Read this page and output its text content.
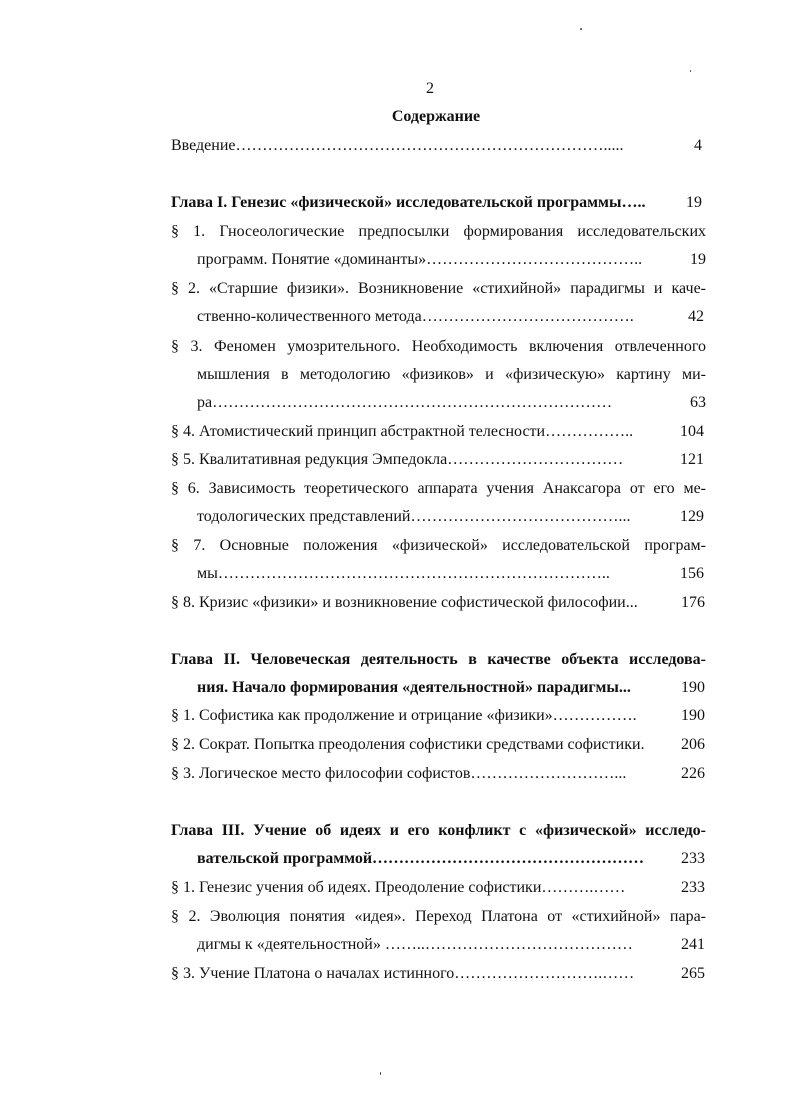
2
Содержание
Введение…………………………………………………………….....	4
Глава I. Генезис «физической» исследовательской программы…..	19
§ 1. Гносеологические предпосылки формирования исследовательских
программ. Понятие «доминанты»…………………………………..	19
§ 2. «Старшие физики». Возникновение «стихийной» парадигмы и каче-
ственно-количественного метода………………………………….	42
§ 3. Феномен умозрительного. Необходимость включения отвлеченного
мышления в методологию «физиков» и «физическую» картину ми-
ра…………………………………………………………………	63
§ 4. Атомистический принцип абстрактной телесности……………..	104
§ 5. Квалитативная редукция Эмпедокла……………………………	121
§ 6. Зависимость теоретического аппарата учения Анаксагора от его ме-
тодологических представлений…………………………………...	129
§ 7. Основные положения «физической» исследовательской програм-
мы………………………………………………………………..	156
§ 8. Кризис «физики» и возникновение софистической философии...	176
Глава II. Человеческая деятельность в качестве объекта исследова-
ния. Начало формирования «деятельностной» парадигмы...	190
§ 1. Софистика как продолжение и отрицание «физики»…………….	190
§ 2. Сократ. Попытка преодоления софистики средствами софистики.	206
§ 3. Логическое место философии софистов………………………...	226
Глава III. Учение об идеях и его конфликт с «физической» исследо-
вательской программой……………………………………………	233
§ 1. Генезис учения об идеях. Преодоление софистики……….……	233
§ 2. Эволюция понятия «идея». Переход Платона от «стихийной» пара-
дигмы к «деятельностной» ……..…………………………………	241
§ 3. Учение Платона о началах истинного……………………….……	265
